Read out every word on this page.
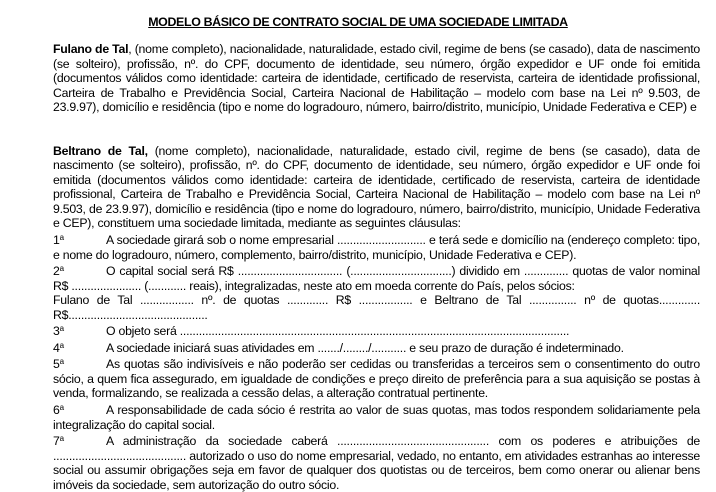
MODELO BÁSICO DE CONTRATO SOCIAL DE UMA SOCIEDADE LIMITADA

Fulano de Tal, (nome completo), nacionalidade, naturalidade, estado civil, regime de bens (se casado), data de nascimento (se solteiro), profissão, nº. do CPF, documento de identidade, seu número, órgão expedidor e UF onde foi emitida (documentos válidos como identidade: carteira de identidade, certificado de reservista, carteira de identidade profissional, Carteira de Trabalho e Previdência Social, Carteira Nacional de Habilitação – modelo com base na Lei nº 9.503, de 23.9.97), domicílio e residência (tipo e nome do logradouro, número, bairro/distrito, município, Unidade Federativa e CEP) e

Beltrano de Tal, (nome completo), nacionalidade, naturalidade, estado civil, regime de bens (se casado), data de nascimento (se solteiro), profissão, nº. do CPF, documento de identidade, seu número, órgão expedidor e UF onde foi emitida (documentos válidos como identidade: carteira de identidade, certificado de reservista, carteira de identidade profissional, Carteira de Trabalho e Previdência Social, Carteira Nacional de Habilitação – modelo com base na Lei nº 9.503, de 23.9.97), domicílio e residência (tipo e nome do logradouro, número, bairro/distrito, município, Unidade Federativa e CEP), constituem uma sociedade limitada, mediante as seguintes cláusulas:

1$^a$	A sociedade girará sob o nome empresarial ............................ e terá sede e domicílio na (endereço completo: tipo, e nome do logradouro, número, complemento, bairro/distrito, município, Unidade Federativa e CEP).

2$^a$	O capital social será R$ ................................. (................................) dividido em .............. quotas de valor nominal R$ ...................... (............ reais), integralizadas, neste ato em moeda corrente do País, pelos sócios:
Fulano de Tal ................. nº. de quotas ............. R$ ................. e Beltrano de Tal ............... nº de quotas.............
R$............................................

3$^a$	O objeto será ...........................................................................................................................

4$^a$	A sociedade iniciará suas atividades em ......./......../........... e seu prazo de duração é indeterminado.

5$^a$	As quotas são indivisíveis e não poderão ser cedidas ou transferidas a terceiros sem o consentimento do outro sócio, a quem fica assegurado, em igualdade de condições e preço direito de preferência para a sua aquisição se postas à venda, formalizando, se realizada a cessão delas, a alteração contratual pertinente.

6$^a$	A responsabilidade de cada sócio é restrita ao valor de suas quotas, mas todos respondem solidariamente pela integralização do capital social.

7$^a$	A administração da sociedade caberá ................................................ com os poderes e atribuições de .......................................... autorizado o uso do nome empresarial, vedado, no entanto, em atividades estranhas ao interesse social ou assumir obrigações seja em favor de qualquer dos quotistas ou de terceiros, bem como onerar ou alienar bens imóveis da sociedade, sem autorização do outro sócio.
